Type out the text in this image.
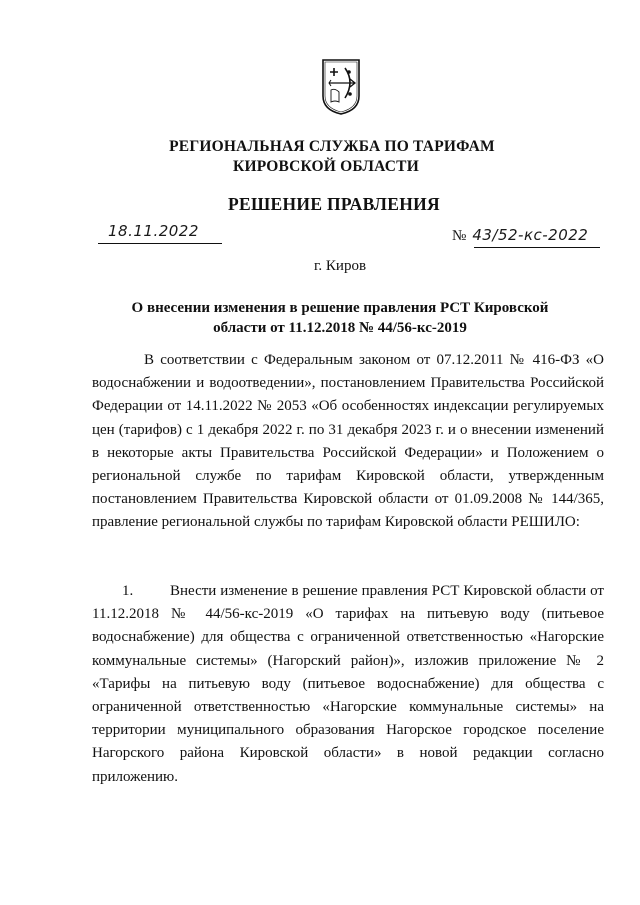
РЕГИОНАЛЬНАЯ СЛУЖБА ПО ТАРИФАМ
КИРОВСКОЙ ОБЛАСТИ
РЕШЕНИЕ ПРАВЛЕНИЯ
18.11.2022	№ 43/52-кс-2022
г. Киров
О внесении изменения в решение правления РСТ Кировской
области от 11.12.2018 № 44/56-кс-2019
В соответствии с Федеральным законом от 07.12.2011 № 416-ФЗ «О водоснабжении и водоотведении», постановлением Правительства Российской Федерации от 14.11.2022 № 2053 «Об особенностях индексации регулируемых цен (тарифов) с 1 декабря 2022 г. по 31 декабря 2023 г. и о внесении изменений в некоторые акты Правительства Российской Федерации» и Положением о региональной службе по тарифам Кировской области, утвержденным постановлением Правительства Кировской области от 01.09.2008 № 144/365, правление региональной службы по тарифам Кировской области РЕШИЛО:
1. Внести изменение в решение правления РСТ Кировской области от 11.12.2018 № 44/56-кс-2019 «О тарифах на питьевую воду (питьевое водоснабжение) для общества с ограниченной ответственностью «Нагорские коммунальные системы» (Нагорский район)», изложив приложение № 2 «Тарифы на питьевую воду (питьевое водоснабжение) для общества с ограниченной ответственностью «Нагорские коммунальные системы» на территории муниципального образования Нагорское городское поселение Нагорского района Кировской области» в новой редакции согласно приложению.
